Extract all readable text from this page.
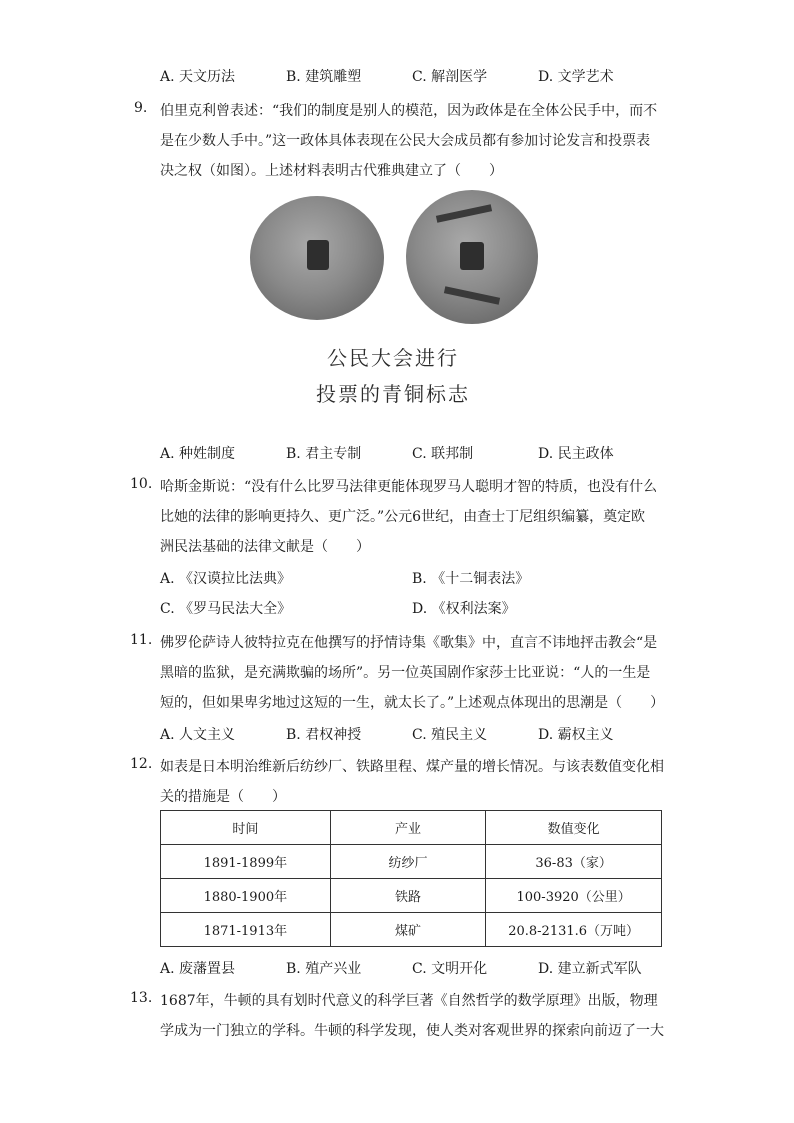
A. 天文历法	B. 建筑雕塑	C. 解剖医学	D. 文学艺术
9. 伯里克利曾表述：“我们的制度是别人的模范，因为政体是在全体公民手中，而不
是在少数人手中。”这一政体具体表现在公民大会成员都有参加讨论发言和投票表
决之权（如图）。上述材料表明古代雅典建立了（　　）
公民大会进行
投票的青铜标志
A. 种姓制度	B. 君主专制	C. 联邦制	D. 民主政体
10. 哈斯金斯说：“没有什么比罗马法律更能体现罗马人聪明才智的特质，也没有什么
比她的法律的影响更持久、更广泛。”公元6世纪，由查士丁尼组织编纂，奠定欧
洲民法基础的法律文献是（　　）
A. 《汉谟拉比法典》	B. 《十二铜表法》
C. 《罗马民法大全》	D. 《权利法案》
11. 佛罗伦萨诗人彼特拉克在他撰写的抒情诗集《歌集》中，直言不讳地抨击教会“是
黑暗的监狱，是充满欺骗的场所”。另一位英国剧作家莎士比亚说：“人的一生是
短的，但如果卑劣地过这短的一生，就太长了。”上述观点体现出的思潮是（　　）
A. 人文主义	B. 君权神授	C. 殖民主义	D. 霸权主义
12. 如表是日本明治维新后纺纱厂、铁路里程、煤产量的增长情况。与该表数值变化相
关的措施是（　　）
时间	产业	数值变化
1891-1899年	纺纱厂	36-83（家）
1880-1900年	铁路	100-3920（公里）
1871-1913年	煤矿	20.8-2131.6（万吨）
A. 废藩置县	B. 殖产兴业	C. 文明开化	D. 建立新式军队
13. 1687年，牛顿的具有划时代意义的科学巨著《自然哲学的数学原理》出版，物理
学成为一门独立的学科。牛顿的科学发现，使人类对客观世界的探索向前迈了一大
